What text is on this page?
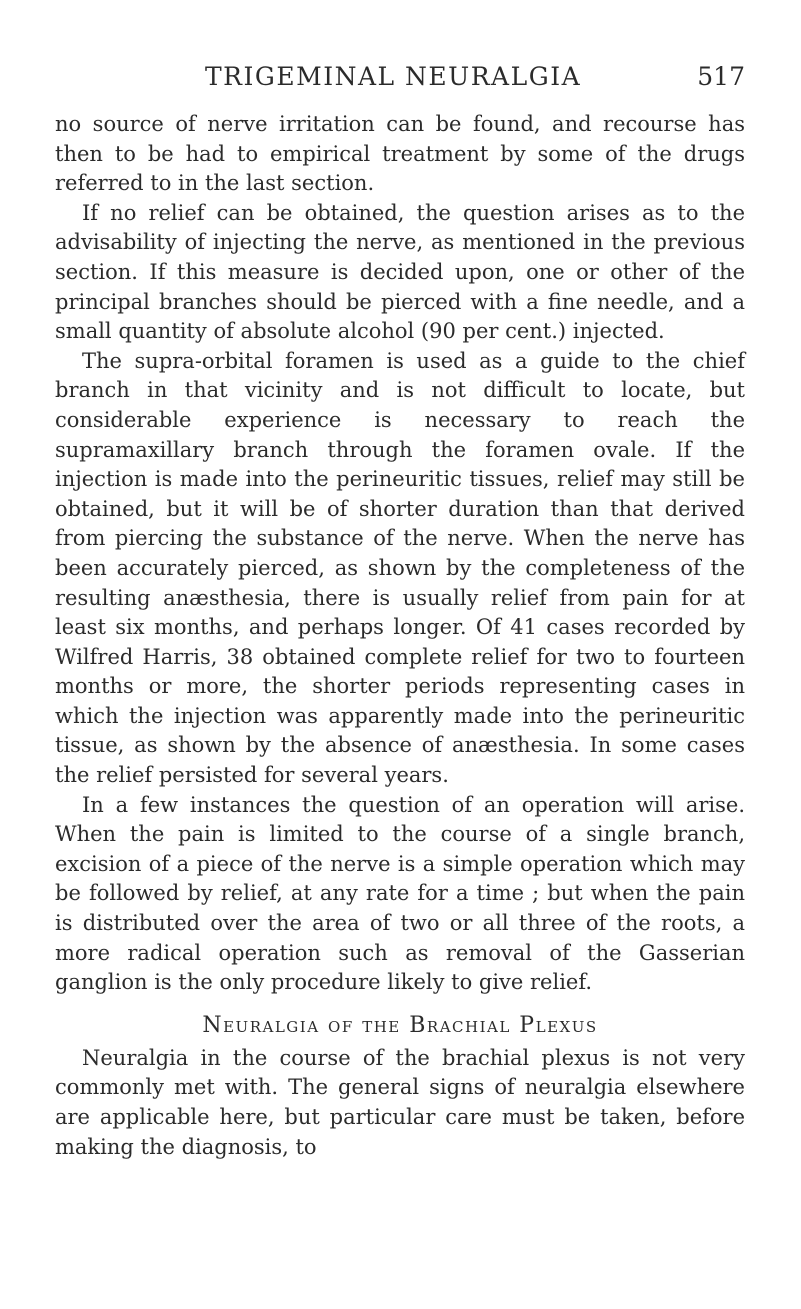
TRIGEMINAL NEURALGIA	517

no source of nerve irritation can be found, and recourse has then to be had to empirical treatment by some of the drugs referred to in the last section.

If no relief can be obtained, the question arises as to the advisability of injecting the nerve, as mentioned in the previous section. If this measure is decided upon, one or other of the principal branches should be pierced with a fine needle, and a small quantity of absolute alcohol (90 per cent.) injected.

The supra-orbital foramen is used as a guide to the chief branch in that vicinity and is not difficult to locate, but considerable experience is necessary to reach the supramaxillary branch through the foramen ovale. If the injection is made into the perineuritic tissues, relief may still be obtained, but it will be of shorter duration than that derived from piercing the substance of the nerve. When the nerve has been accurately pierced, as shown by the completeness of the resulting anæsthesia, there is usually relief from pain for at least six months, and perhaps longer. Of 41 cases recorded by Wilfred Harris, 38 obtained complete relief for two to fourteen months or more, the shorter periods representing cases in which the injection was apparently made into the perineuritic tissue, as shown by the absence of anæsthesia. In some cases the relief persisted for several years.

In a few instances the question of an operation will arise. When the pain is limited to the course of a single branch, excision of a piece of the nerve is a simple operation which may be followed by relief, at any rate for a time ; but when the pain is distributed over the area of two or all three of the roots, a more radical operation such as removal of the Gasserian ganglion is the only procedure likely to give relief.

Neuralgia of the Brachial Plexus

Neuralgia in the course of the brachial plexus is not very commonly met with. The general signs of neuralgia elsewhere are applicable here, but particular care must be taken, before making the diagnosis, to
